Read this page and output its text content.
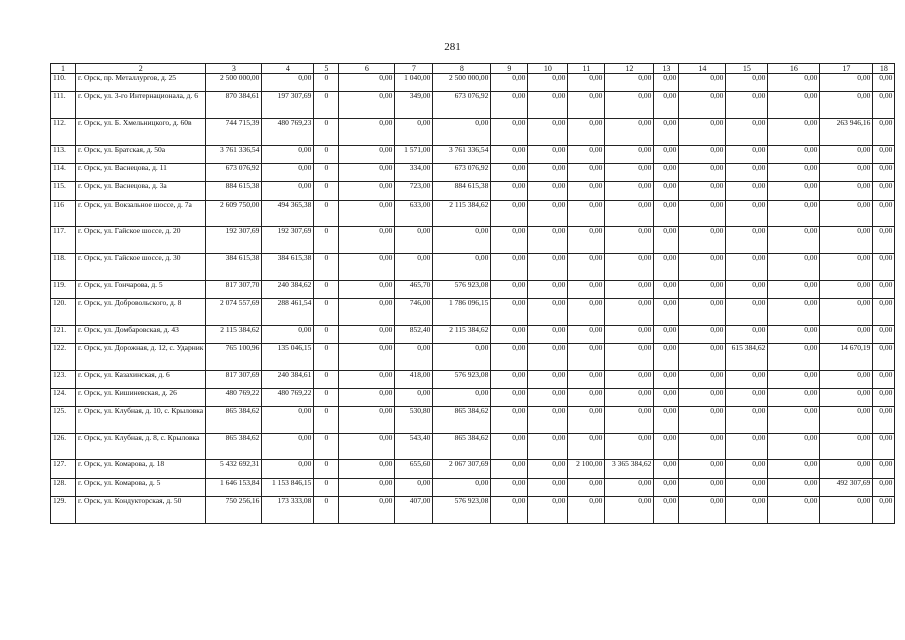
281
1	2	3	4	5	6	7	8	9	10	11	12	13	14	15	16	17	18
110.	г. Орск, пр. Металлургов, д. 25	2 500 000,00	0,00	0	0,00	1 040,00	2 500 000,00	0,00	0,00	0,00	0,00	0,00	0,00	0,00	0,00	0,00	0,00
111.	г. Орск, ул. 3-го Интернационала, д. 6	870 384,61	197 307,69	0	0,00	349,00	673 076,92	0,00	0,00	0,00	0,00	0,00	0,00	0,00	0,00	0,00	0,00
112.	г. Орск, ул. Б. Хмельницкого, д. 60в	744 715,39	480 769,23	0	0,00	0,00	0,00	0,00	0,00	0,00	0,00	0,00	0,00	0,00	0,00	263 946,16	0,00
113.	г. Орск, ул. Братская, д. 50а	3 761 336,54	0,00	0	0,00	1 571,00	3 761 336,54	0,00	0,00	0,00	0,00	0,00	0,00	0,00	0,00	0,00	0,00
114.	г. Орск, ул. Васнецова, д. 11	673 076,92	0,00	0	0,00	334,00	673 076,92	0,00	0,00	0,00	0,00	0,00	0,00	0,00	0,00	0,00	0,00
115.	г. Орск, ул. Васнецова, д. 3а	884 615,38	0,00	0	0,00	723,00	884 615,38	0,00	0,00	0,00	0,00	0,00	0,00	0,00	0,00	0,00	0,00
116	г. Орск, ул. Вокзальное шоссе, д. 7а	2 609 750,00	494 365,38	0	0,00	633,00	2 115 384,62	0,00	0,00	0,00	0,00	0,00	0,00	0,00	0,00	0,00	0,00
117.	г. Орск, ул. Гайское шоссе, д. 20	192 307,69	192 307,69	0	0,00	0,00	0,00	0,00	0,00	0,00	0,00	0,00	0,00	0,00	0,00	0,00	0,00
118.	г. Орск, ул. Гайское шоссе, д. 30	384 615,38	384 615,38	0	0,00	0,00	0,00	0,00	0,00	0,00	0,00	0,00	0,00	0,00	0,00	0,00	0,00
119.	г. Орск, ул. Гончарова, д. 5	817 307,70	240 384,62	0	0,00	465,70	576 923,08	0,00	0,00	0,00	0,00	0,00	0,00	0,00	0,00	0,00	0,00
120.	г. Орск, ул. Добровольского, д. 8	2 074 557,69	288 461,54	0	0,00	746,00	1 786 096,15	0,00	0,00	0,00	0,00	0,00	0,00	0,00	0,00	0,00	0,00
121.	г. Орск, ул. Домбаровская, д. 43	2 115 384,62	0,00	0	0,00	852,40	2 115 384,62	0,00	0,00	0,00	0,00	0,00	0,00	0,00	0,00	0,00	0,00
122.	г. Орск, ул. Дорожная, д. 12, с. Ударник	765 100,96	135 046,15	0	0,00	0,00	0,00	0,00	0,00	0,00	0,00	0,00	0,00	615 384,62	0,00	14 670,19	0,00
123.	г. Орск, ул. Казахинская, д. 6	817 307,69	240 384,61	0	0,00	418,00	576 923,08	0,00	0,00	0,00	0,00	0,00	0,00	0,00	0,00	0,00	0,00
124.	г. Орск, ул. Кишиневская, д. 26	480 769,22	480 769,22	0	0,00	0,00	0,00	0,00	0,00	0,00	0,00	0,00	0,00	0,00	0,00	0,00	0,00
125.	г. Орск, ул. Клубная, д. 10, с. Крыловка	865 384,62	0,00	0	0,00	530,80	865 384,62	0,00	0,00	0,00	0,00	0,00	0,00	0,00	0,00	0,00	0,00
126.	г. Орск, ул. Клубная, д. 8, с. Крыловка	865 384,62	0,00	0	0,00	543,40	865 384,62	0,00	0,00	0,00	0,00	0,00	0,00	0,00	0,00	0,00	0,00
127.	г. Орск, ул. Комарова, д. 18	5 432 692,31	0,00	0	0,00	655,60	2 067 307,69	0,00	0,00	2 100,00	3 365 384,62	0,00	0,00	0,00	0,00	0,00	0,00
128.	г. Орск, ул. Комарова, д. 5	1 646 153,84	1 153 846,15	0	0,00	0,00	0,00	0,00	0,00	0,00	0,00	0,00	0,00	0,00	0,00	492 307,69	0,00
129.	г. Орск, ул. Кондукторская, д. 50	750 256,16	173 333,08	0	0,00	407,00	576 923,08	0,00	0,00	0,00	0,00	0,00	0,00	0,00	0,00	0,00	0,00
